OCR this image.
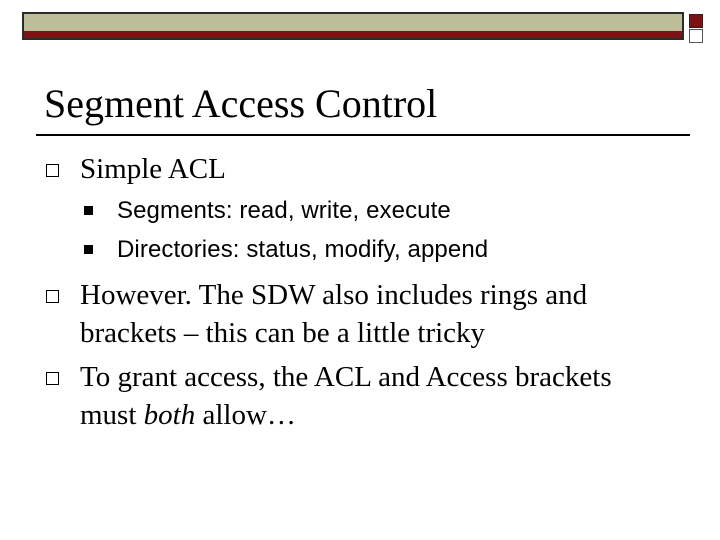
Segment Access Control
Simple ACL
Segments: read, write, execute
Directories: status, modify, append
However. The SDW also includes rings and
brackets – this can be a little tricky
To grant access, the ACL and Access brackets
must both allow…
